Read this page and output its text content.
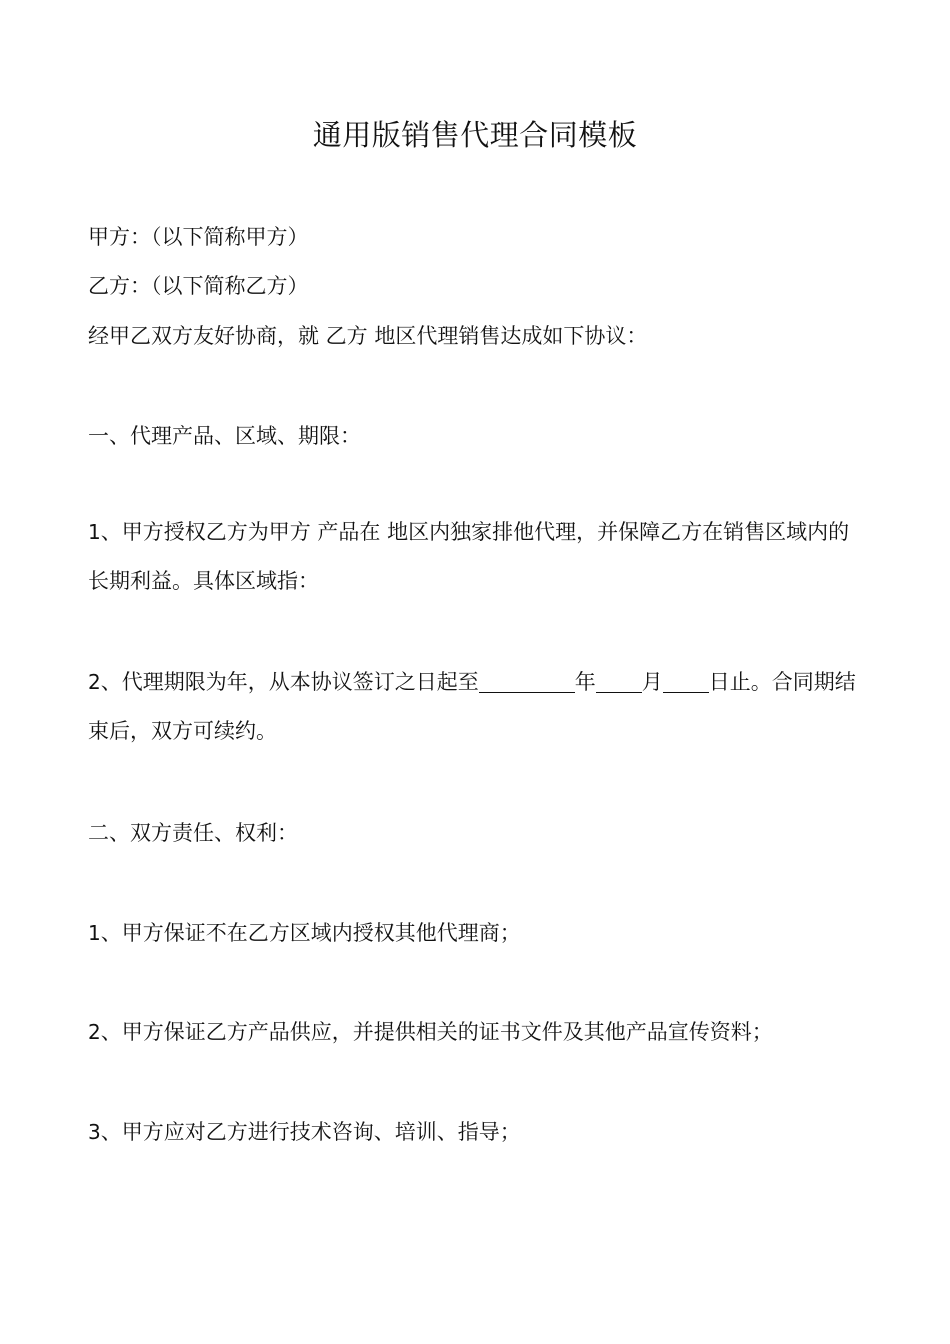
通用版销售代理合同模板
甲方：（以下简称甲方）
乙方：（以下简称乙方）
经甲乙双方友好协商，就 乙方 地区代理销售达成如下协议：
一、代理产品、区域、期限：
1、甲方授权乙方为甲方 产品在 地区内独家排他代理，并保障乙方在销售区域内的长期利益。具体区域指：
2、代理期限为年，从本协议签订之日起至	年 月 日止。合同期结束后，双方可续约。
二、双方责任、权利：
1、甲方保证不在乙方区域内授权其他代理商；
2、甲方保证乙方产品供应，并提供相关的证书文件及其他产品宣传资料；
3、甲方应对乙方进行技术咨询、培训、指导；
